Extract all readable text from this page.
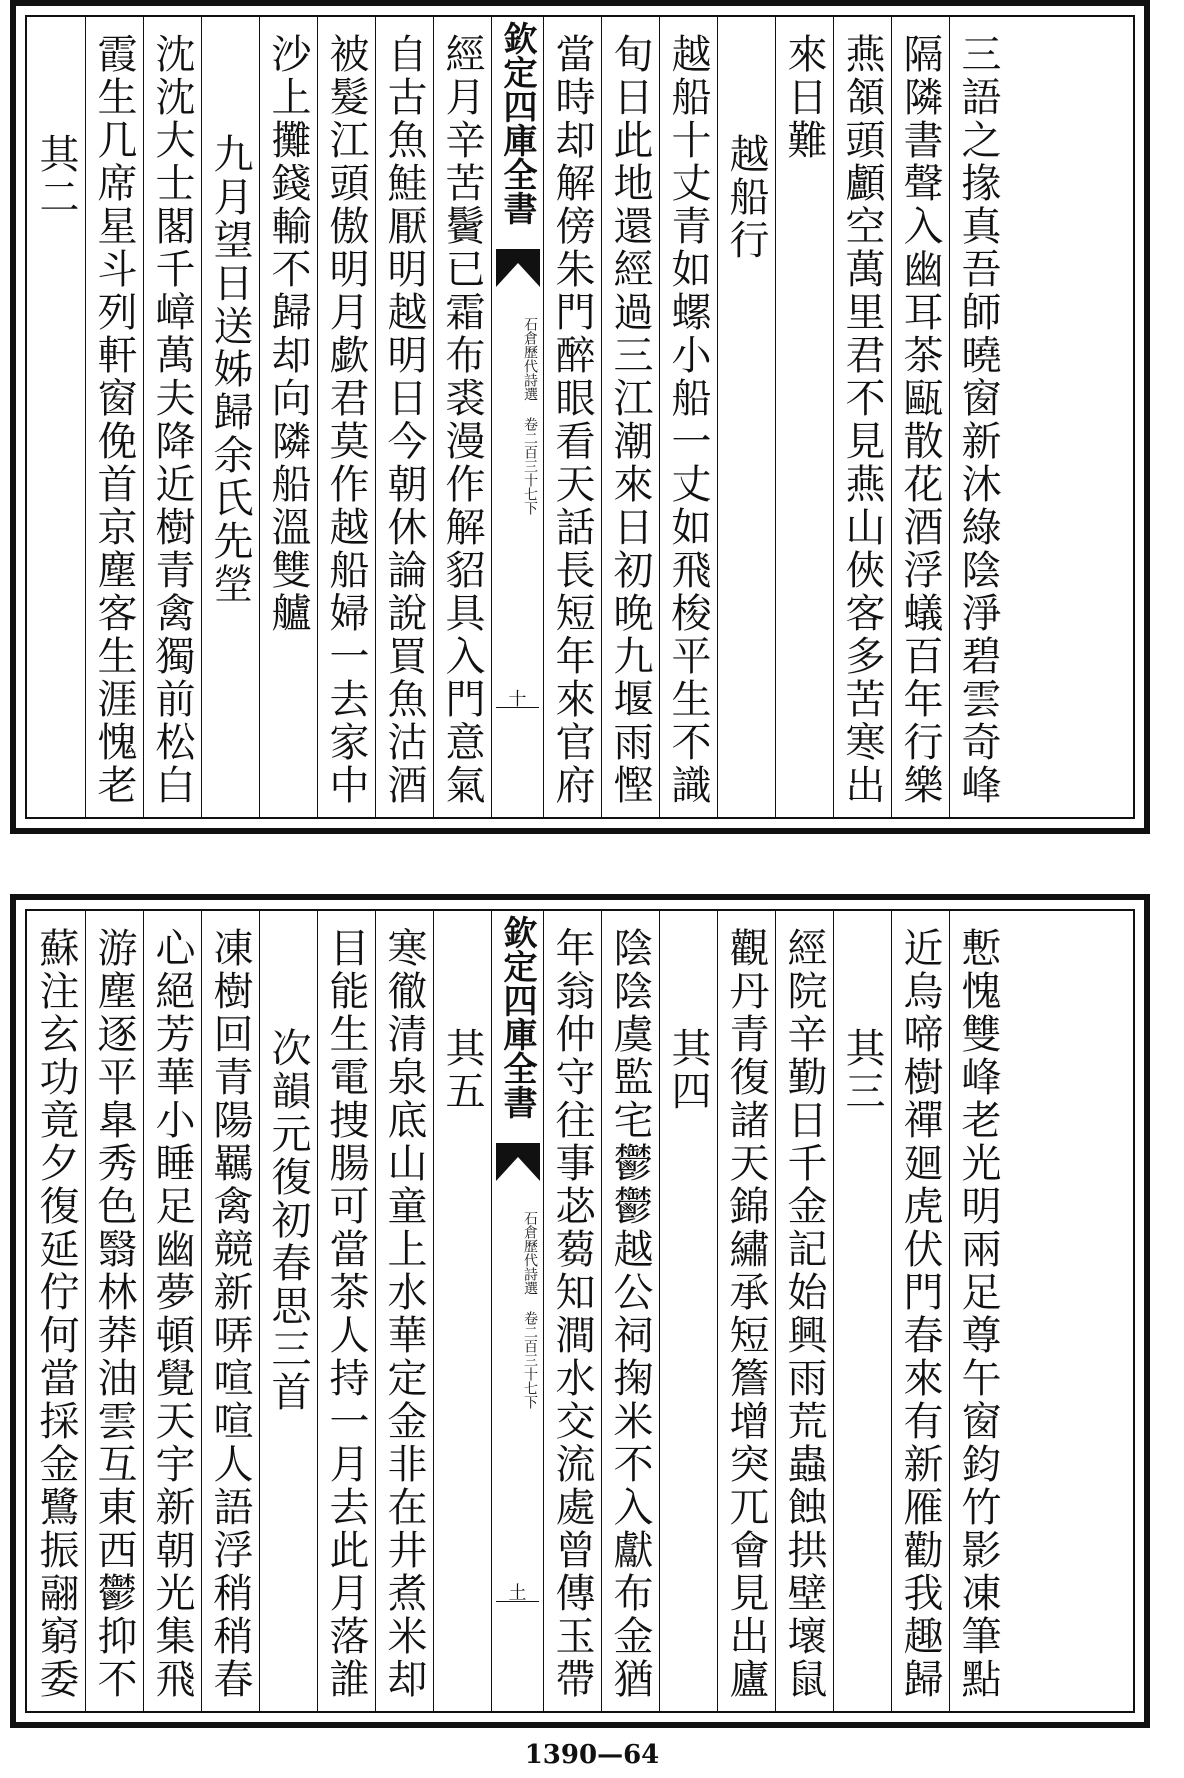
其二
霞生几席星斗列軒窗俛首京塵客生涯愧老
沈沈大士閣千嶂萬夫降近樹青禽獨前松白
九月望日送姊歸余氏先塋 沙上攤錢輸不歸却向隣船溫雙艫 被髮江頭傲明月歔君莫作越船婦一去家中
自古魚鮭厭明越明日今朝休論說買魚沽酒
經月辛苦鬢已霜布裘漫作解貂具入門意氣
欽定四庫全書
石倉歷代詩選 卷二百三十七下
十
當時却解傍朱門醉眼看天話長短年來官府
旬日此地還經過三江潮來日初晚九堰雨慳
越船十丈青如螺小船一丈如飛梭平生不識
越船行
來日難 燕頷頭顱空萬里君不見燕山俠客多苦寒出
隔隣書聲入幽耳茶甌散花酒浮蟻百年行樂
三語之掾真吾師曉窗新沐綠陰淨碧雲奇峰
蘇注玄功竟夕復延佇何當採金鷺振翮窮委
游塵逐平臯秀色翳林莽油雲互東西鬱抑不
心絕芳華小睡足幽夢頓覺天宇新朝光集飛
凍樹回青陽羈禽競新哢喧喧人語浮稍稍春
次韻元復初春思三首
目能生電捜腸可當茶人持一月去此月落誰
寒徹清泉底山童上水華定金非在井煮米却
其五 欽定四庫全書
石倉歷代詩選 卷二百三十七下
土
年翁仲守往事苾蒭知澗水交流處曾傳玉帶
陰陰虞監宅鬱鬱越公祠掬米不入獻布金猶
其四
觀丹青復諸天錦繡承短簷增突兀會見出廬
經院辛勤日千金記始興雨荒蟲蝕拱壁壞鼠
其三
近烏啼樹禪廻虎伏門春來有新雁勸我趣歸
慙愧雙峰老光明兩足尊午窗鈞竹影凍筆點
1390—64
